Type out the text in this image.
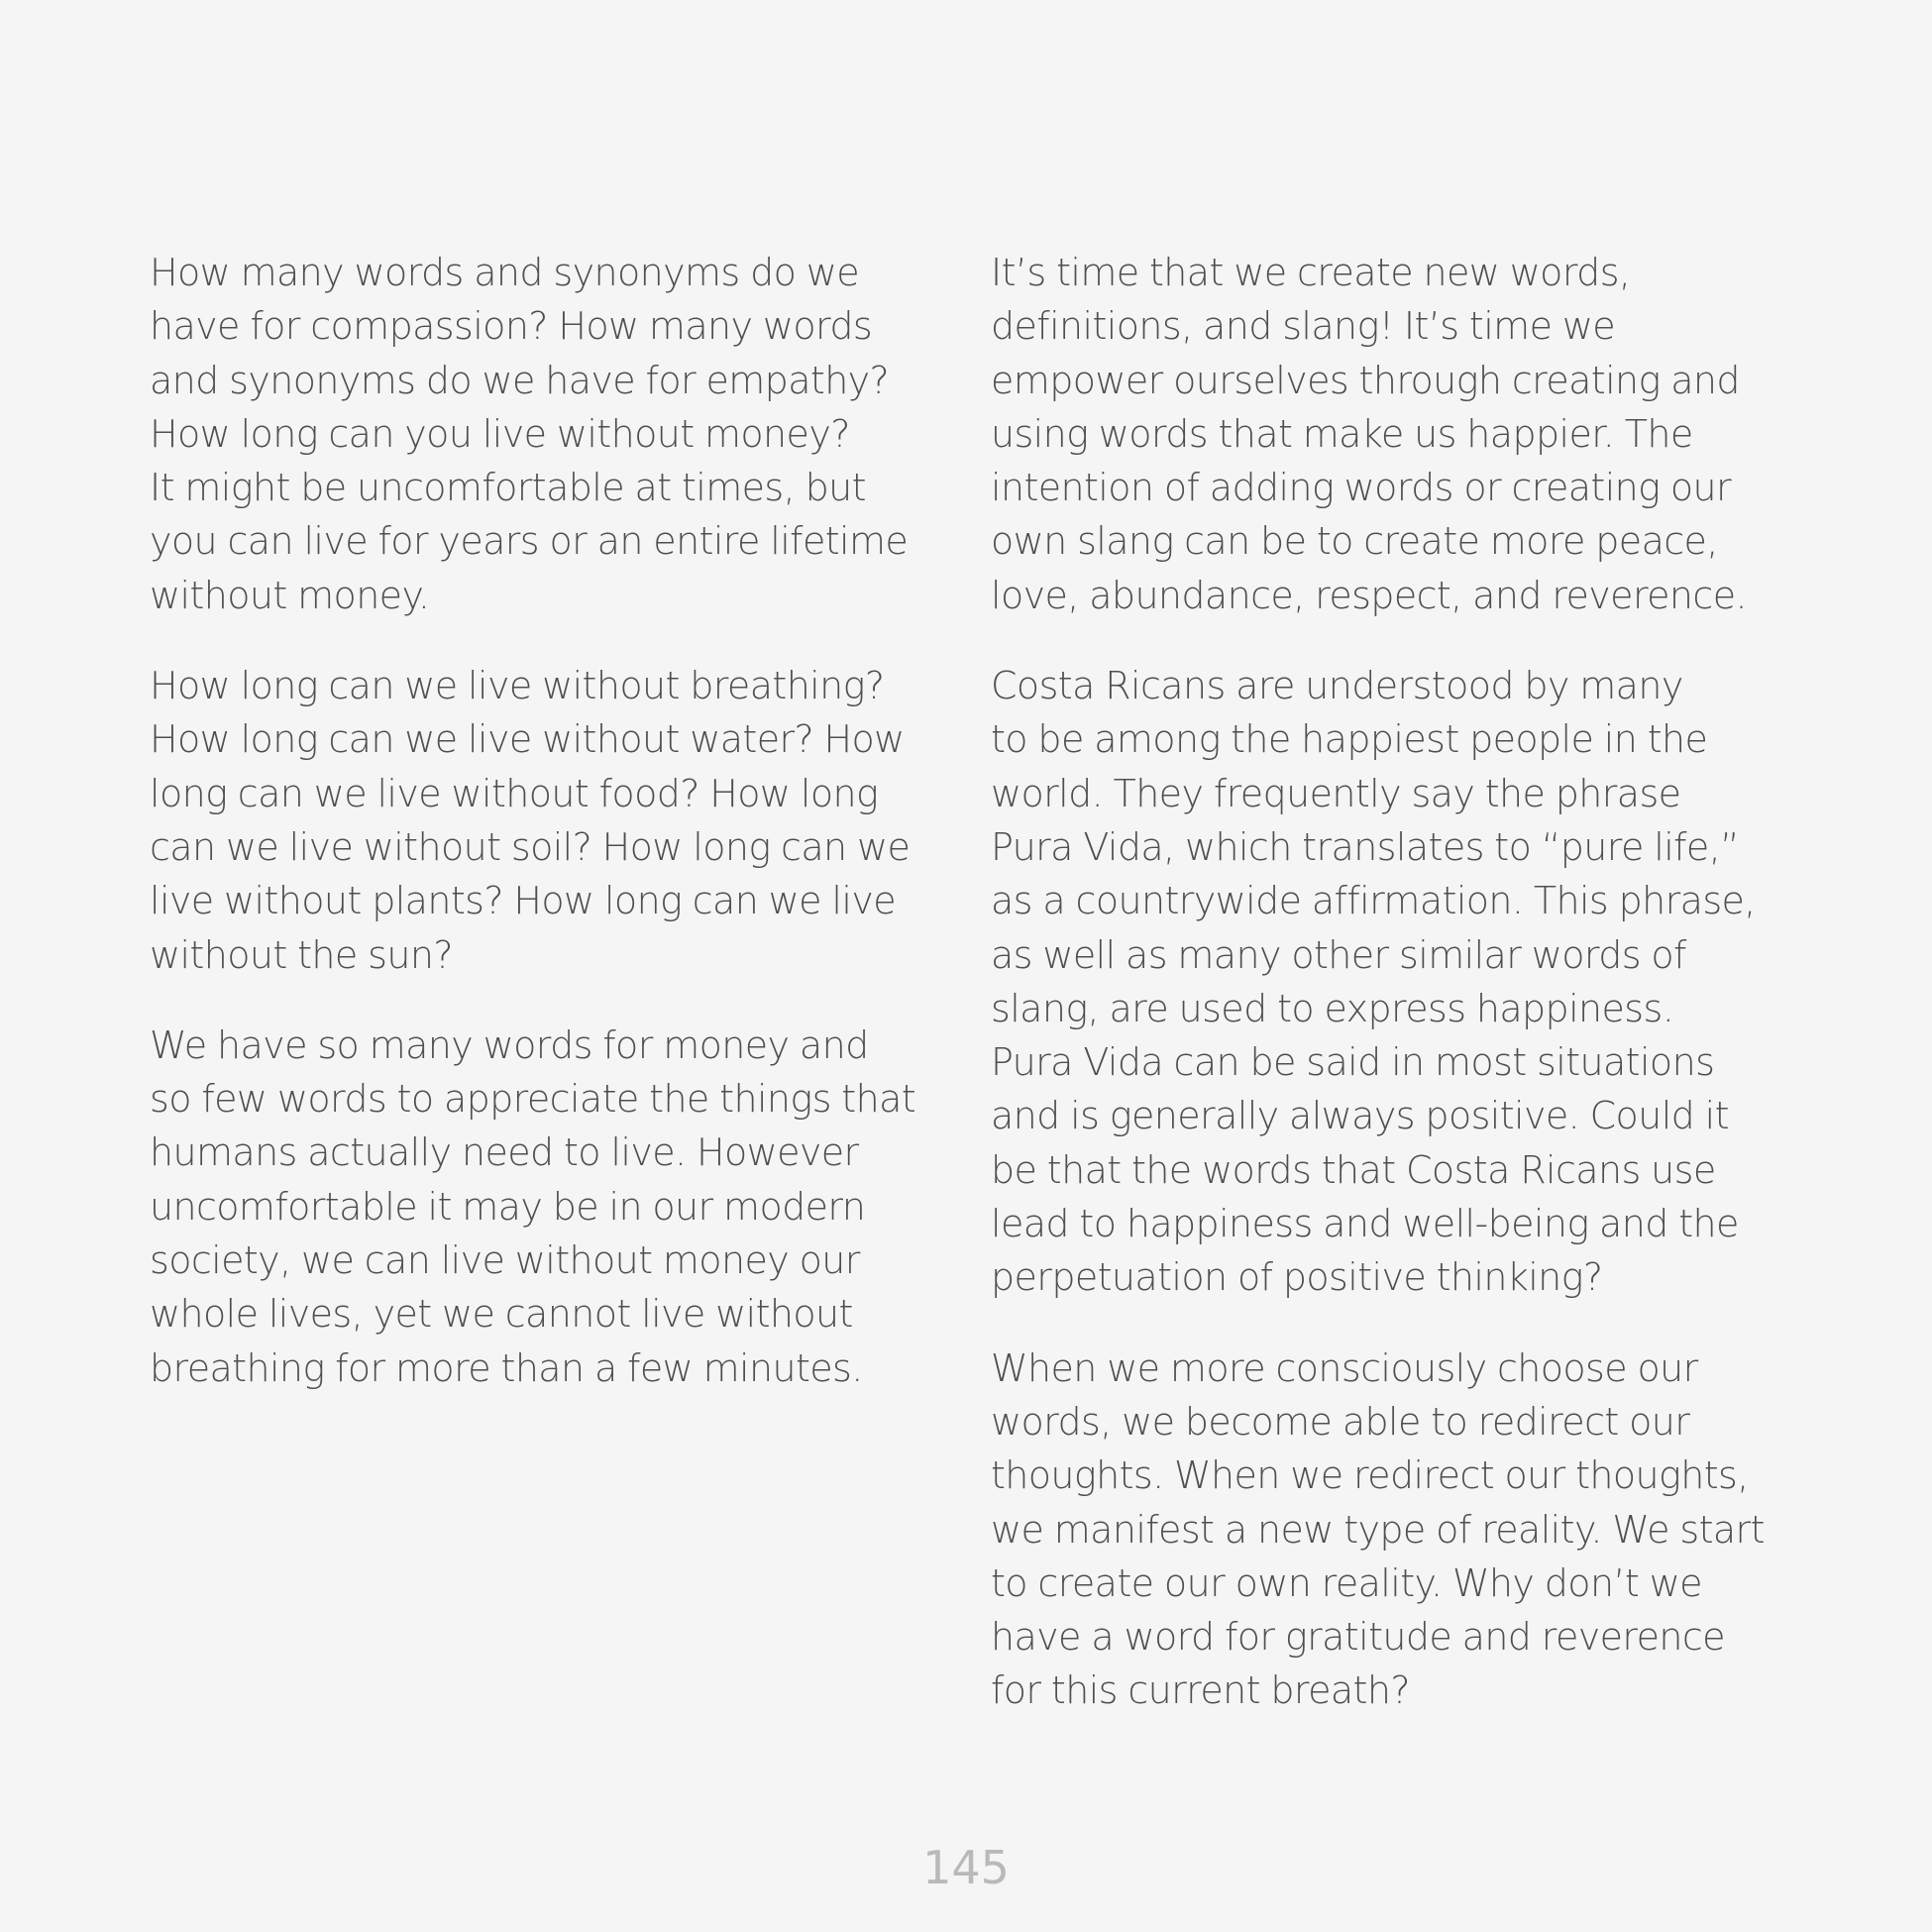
How many words and synonyms do we
have for compassion? How many words
and synonyms do we have for empathy?
How long can you live without money?
It might be uncomfortable at times, but
you can live for years or an entire lifetime
without money.

How long can we live without breathing?
How long can we live without water? How
long can we live without food? How long
can we live without soil? How long can we
live without plants? How long can we live
without the sun?

We have so many words for money and
so few words to appreciate the things that
humans actually need to live. However
uncomfortable it may be in our modern
society, we can live without money our
whole lives, yet we cannot live without
breathing for more than a few minutes.

It’s time that we create new words,
definitions, and slang! It’s time we
empower ourselves through creating and
using words that make us happier. The
intention of adding words or creating our
own slang can be to create more peace,
love, abundance, respect, and reverence.

Costa Ricans are understood by many
to be among the happiest people in the
world. They frequently say the phrase
Pura Vida, which translates to “pure life,”
as a countrywide affirmation. This phrase,
as well as many other similar words of
slang, are used to express happiness.
Pura Vida can be said in most situations
and is generally always positive. Could it
be that the words that Costa Ricans use
lead to happiness and well-being and the
perpetuation of positive thinking?

When we more consciously choose our
words, we become able to redirect our
thoughts. When we redirect our thoughts,
we manifest a new type of reality. We start
to create our own reality. Why don’t we
have a word for gratitude and reverence
for this current breath?

145
